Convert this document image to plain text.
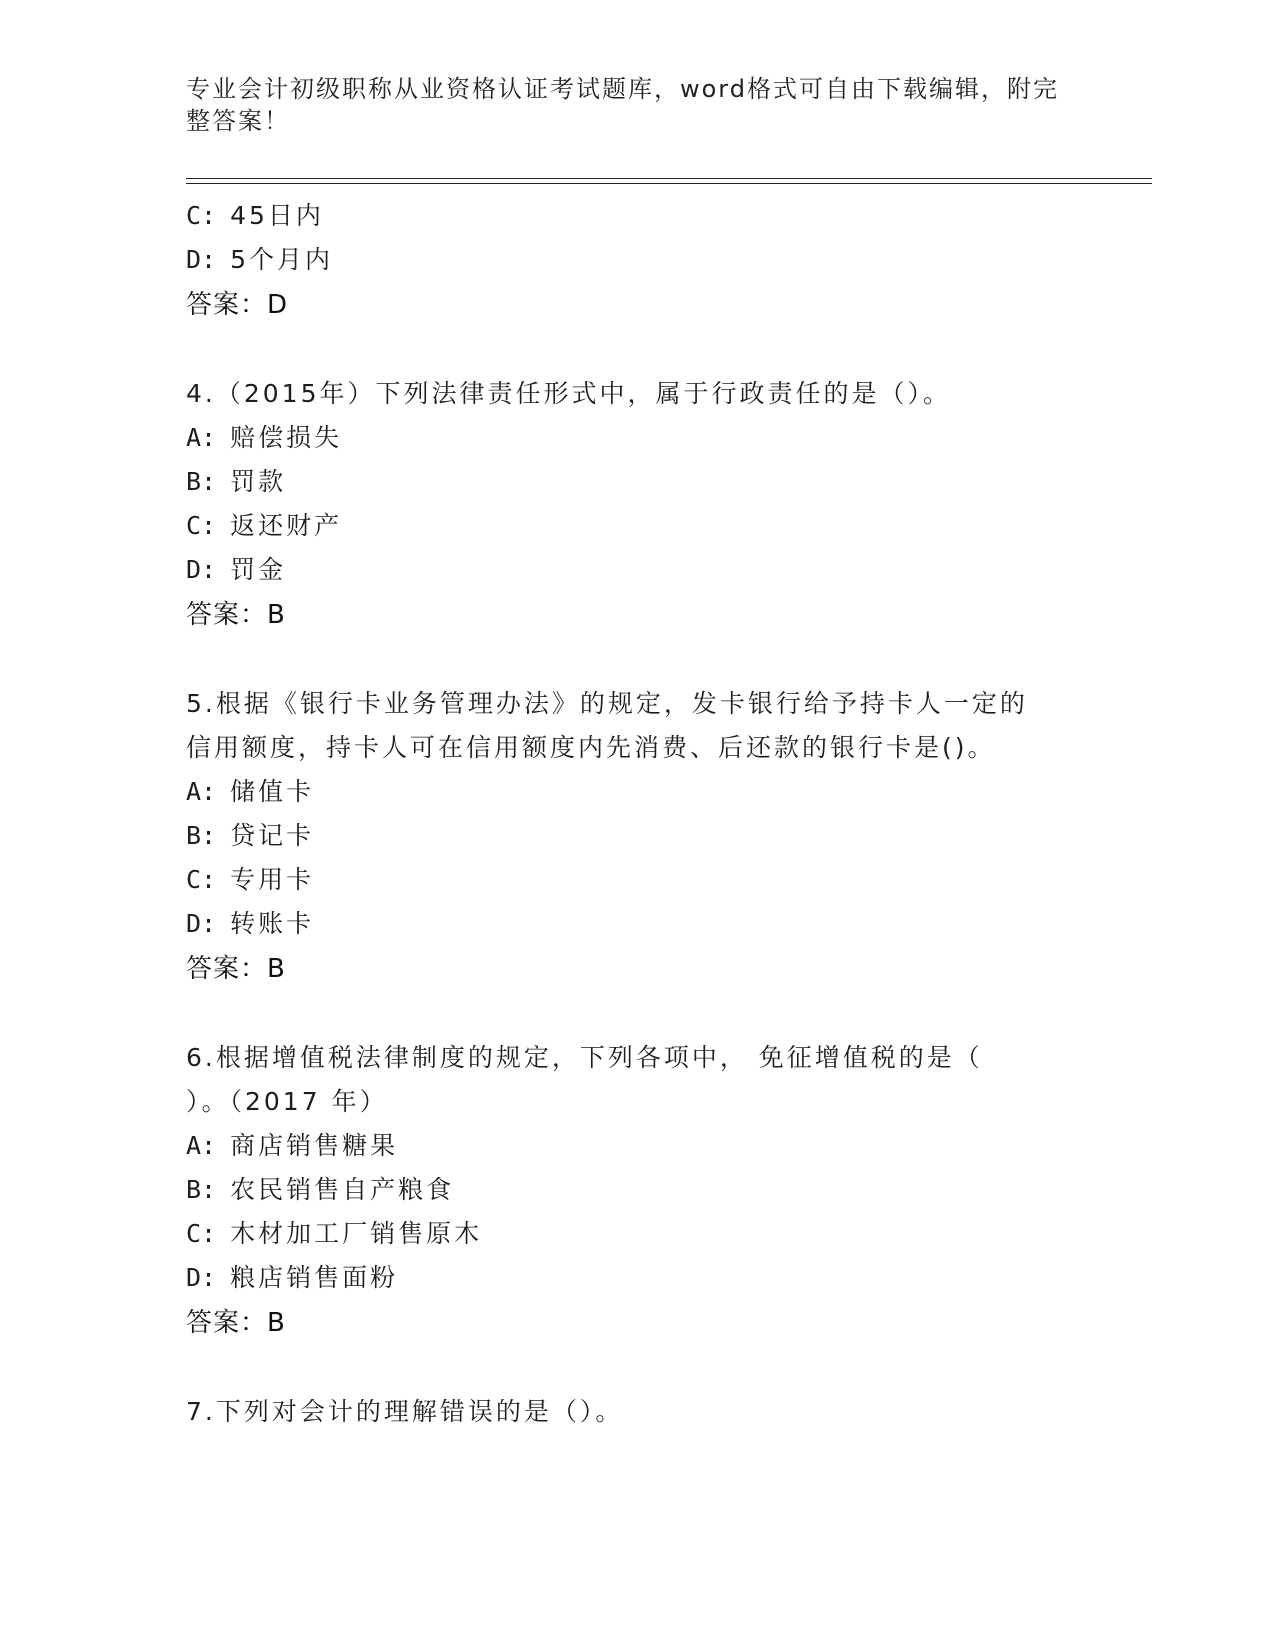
专业会计初级职称从业资格认证考试题库，word格式可自由下载编辑，附完整答案！
C: 45日内
D: 5个月内
答案：D
4.（2015年）下列法律责任形式中，属于行政责任的是（）。
A: 赔偿损失
B: 罚款
C: 返还财产
D: 罚金
答案：B
5.根据《银行卡业务管理办法》的规定，发卡银行给予持卡人一定的
信用额度，持卡人可在信用额度内先消费、后还款的银行卡是()。
A: 储值卡
B: 贷记卡
C: 专用卡
D: 转账卡
答案：B
6.根据增值税法律制度的规定，下列各项中， 免征增值税的是（
）。（2017 年）
A: 商店销售糖果
B: 农民销售自产粮食
C: 木材加工厂销售原木
D: 粮店销售面粉
答案：B
7.下列对会计的理解错误的是（）。
